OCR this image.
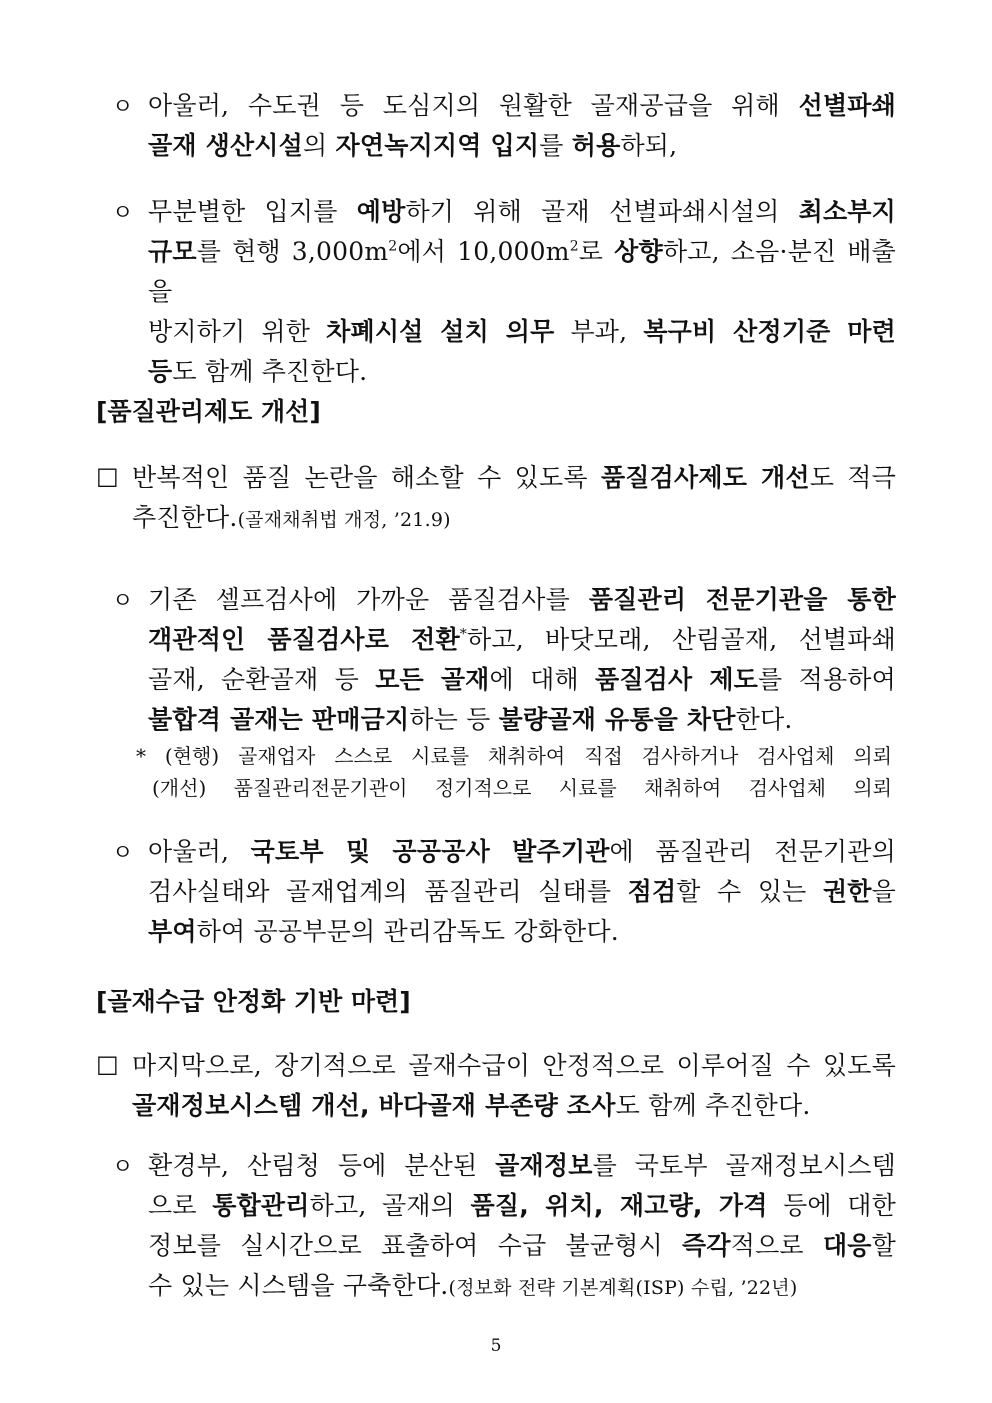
ㅇ 아울러, 수도권 등 도심지의 원활한 골재공급을 위해 선별파쇄

골재 생산시설의 자연녹지지역 입지를 허용하되,

ㅇ 무분별한 입지를 예방하기 위해 골재 선별파쇄시설의 최소부지

규모를 현행 $3,000m^2$에서 $10,000m^2$로 상향하고, 소음·분진 배출을

방지하기 위한 차폐시설 설치 의무 부과, 복구비 산정기준 마련

등도 함께 추진한다.

[품질관리제도 개선]
□ 반복적인 품질 논란을 해소할 수 있도록 품질검사제도 개선도 적극

추진한다.(골재채취법 개정, ’21.9)

ㅇ 기존 셀프검사에 가까운 품질검사를 품질관리 전문기관을 통한

객관적인 품질검사로 전환*하고, 바닷모래, 산림골재, 선별파쇄

골재, 순환골재 등 모든 골재에 대해 품질검사 제도를 적용하여

불합격 골재는 판매금지하는 등 불량골재 유통을 차단한다.

* (현행) 골재업자 스스로 시료를 채취하여 직접 검사하거나 검사업체 의뢰

(개선) 품질관리전문기관이 정기적으로 시료를 채취하여 검사업체 의뢰

ㅇ 아울러, 국토부 및 공공공사 발주기관에 품질관리 전문기관의

검사실태와 골재업계의 품질관리 실태를 점검할 수 있는 권한을

부여하여 공공부문의 관리감독도 강화한다.

[골재수급 안정화 기반 마련]
□ 마지막으로, 장기적으로 골재수급이 안정적으로 이루어질 수 있도록

골재정보시스템 개선, 바다골재 부존량 조사도 함께 추진한다.

ㅇ 환경부, 산림청 등에 분산된 골재정보를 국토부 골재정보시스템

으로 통합관리하고, 골재의 품질, 위치, 재고량, 가격 등에 대한

정보를 실시간으로 표출하여 수급 불균형시 즉각적으로 대응할

수 있는 시스템을 구축한다.(정보화 전략 기본계획(ISP) 수립, ’22년)

5
